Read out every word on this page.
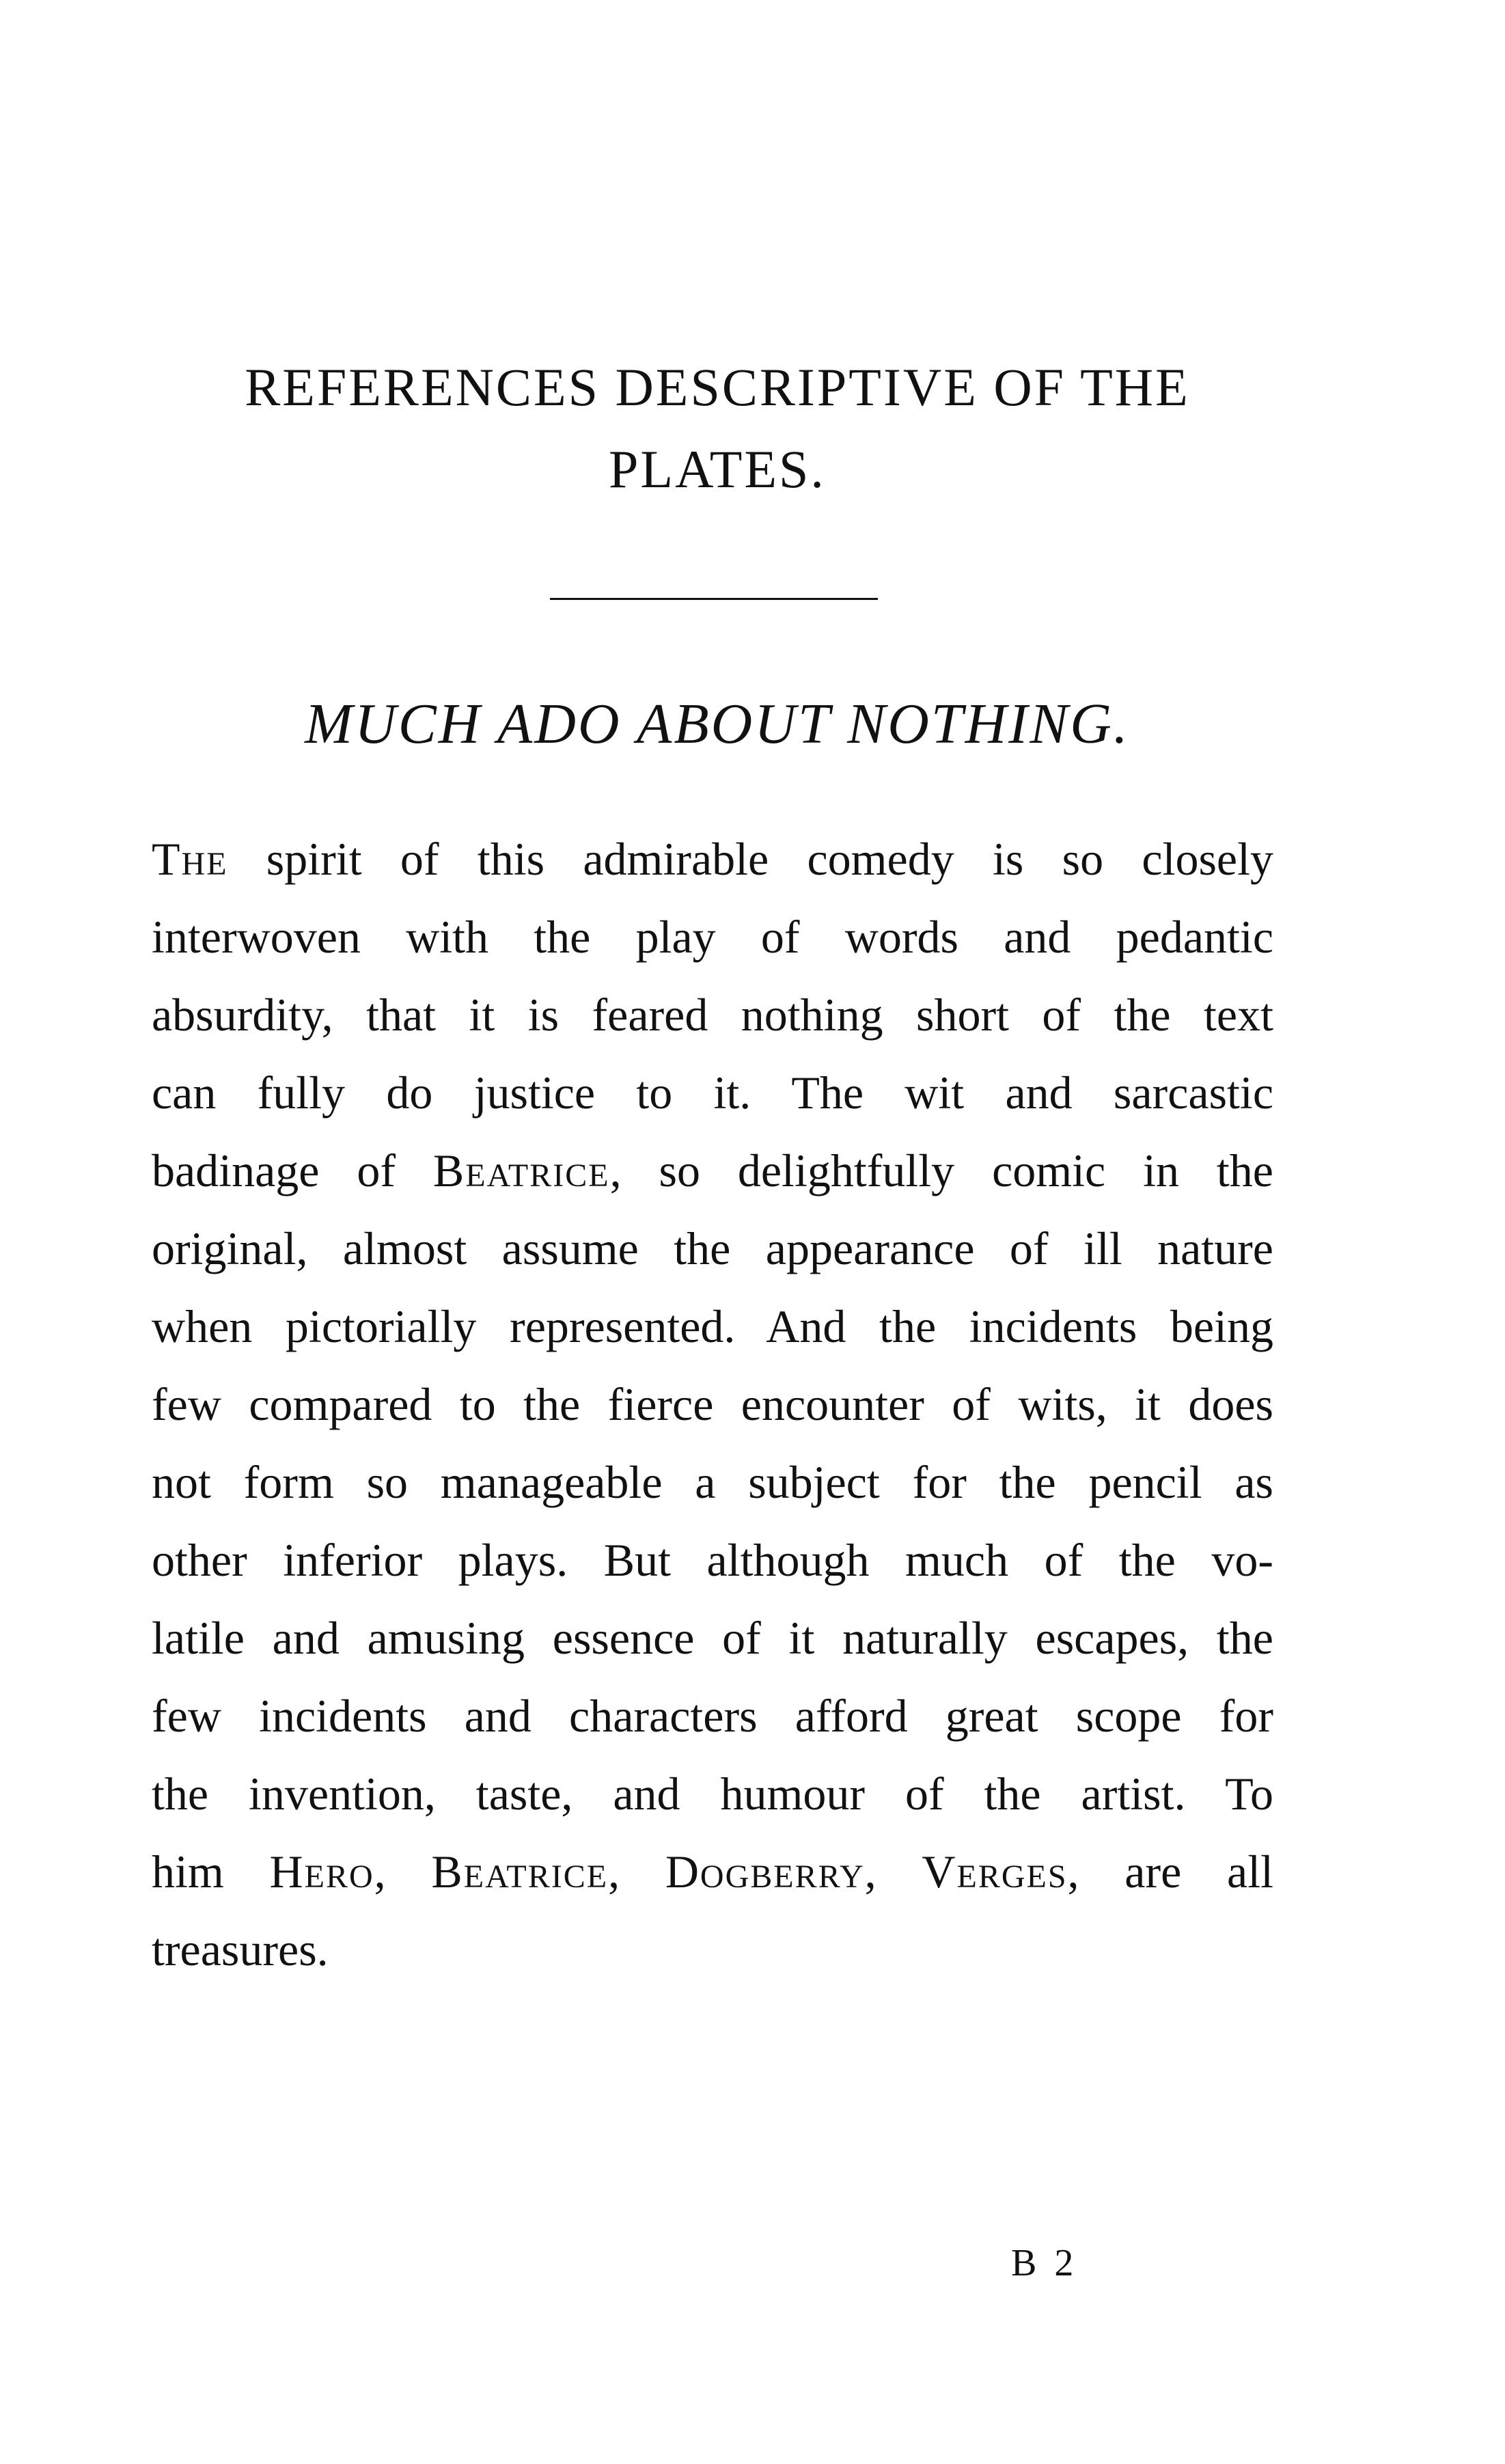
REFERENCES DESCRIPTIVE OF THE
PLATES.
MUCH ADO ABOUT NOTHING.
The spirit of this admirable comedy is so closely
interwoven with the play of words and pedantic
absurdity, that it is feared nothing short of the text
can fully do justice to it. The wit and sarcastic
badinage of Beatrice, so delightfully comic in the
original, almost assume the appearance of ill nature
when pictorially represented. And the incidents being
few compared to the fierce encounter of wits, it does
not form so manageable a subject for the pencil as
other inferior plays. But although much of the vo-
latile and amusing essence of it naturally escapes, the
few incidents and characters afford great scope for
the invention, taste, and humour of the artist. To
him Hero, Beatrice, Dogberry, Verges, are all
treasures.
B 2
